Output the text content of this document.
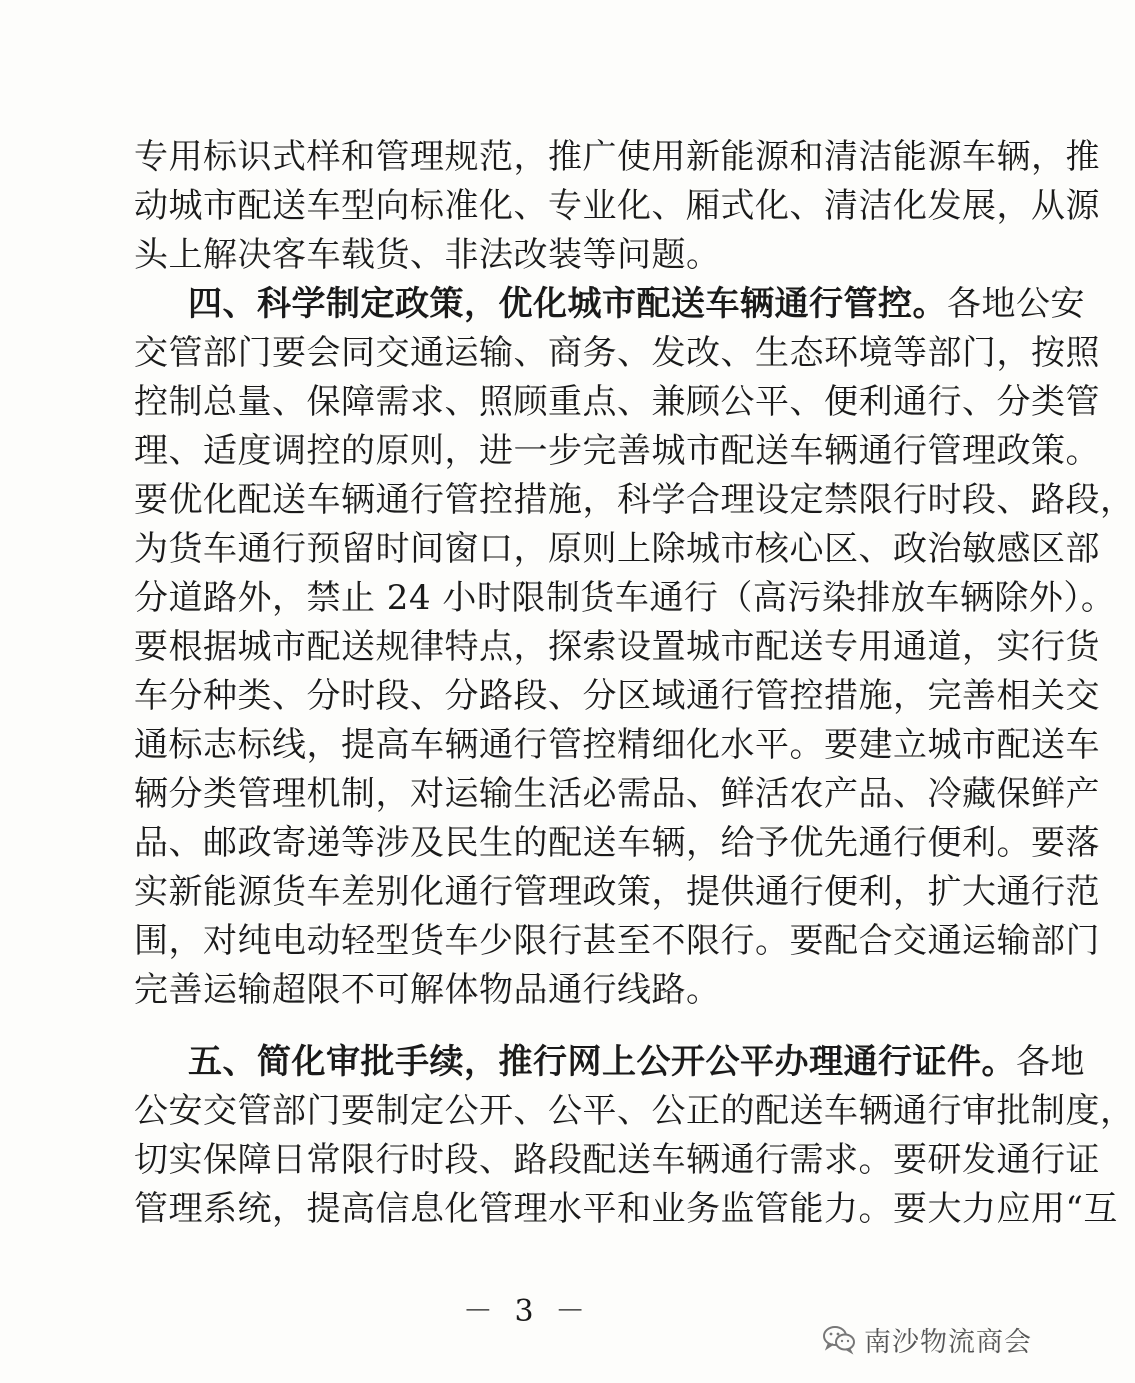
专用标识式样和管理规范，推广使用新能源和清洁能源车辆，推
动城市配送车型向标准化、专业化、厢式化、清洁化发展，从源
头上解决客车载货、非法改装等问题。
四、科学制定政策，优化城市配送车辆通行管控。各地公安
交管部门要会同交通运输、商务、发改、生态环境等部门，按照
控制总量、保障需求、照顾重点、兼顾公平、便利通行、分类管
理、适度调控的原则，进一步完善城市配送车辆通行管理政策。
要优化配送车辆通行管控措施，科学合理设定禁限行时段、路段，
为货车通行预留时间窗口，原则上除城市核心区、政治敏感区部
分道路外，禁止 24 小时限制货车通行（高污染排放车辆除外）。
要根据城市配送规律特点，探索设置城市配送专用通道，实行货
车分种类、分时段、分路段、分区域通行管控措施，完善相关交
通标志标线，提高车辆通行管控精细化水平。要建立城市配送车
辆分类管理机制，对运输生活必需品、鲜活农产品、冷藏保鲜产
品、邮政寄递等涉及民生的配送车辆，给予优先通行便利。要落
实新能源货车差别化通行管理政策，提供通行便利，扩大通行范
围，对纯电动轻型货车少限行甚至不限行。要配合交通运输部门
完善运输超限不可解体物品通行线路。
五、简化审批手续，推行网上公开公平办理通行证件。各地
公安交管部门要制定公开、公平、公正的配送车辆通行审批制度，
切实保障日常限行时段、路段配送车辆通行需求。要研发通行证
管理系统，提高信息化管理水平和业务监管能力。要大力应用“互
－ 3 －
南沙物流商会
